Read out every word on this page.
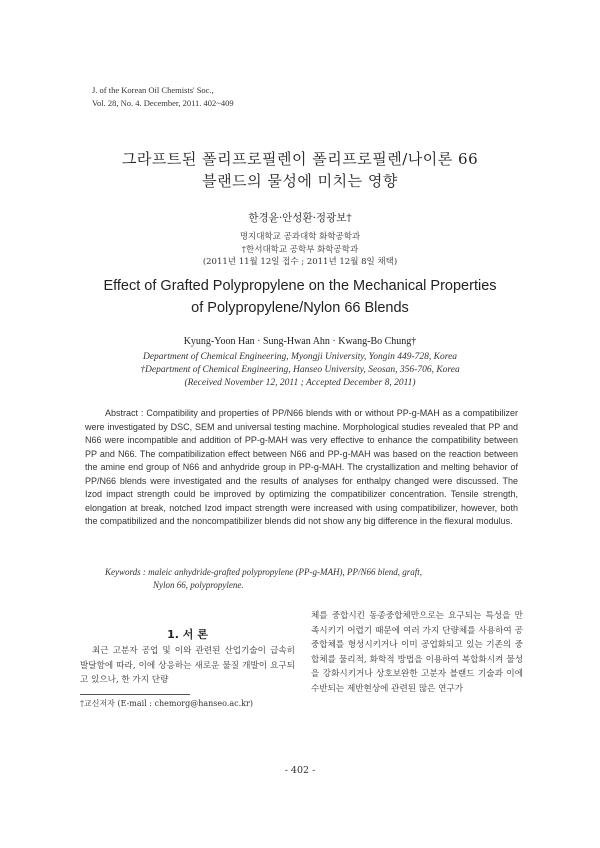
J. of the Korean Oil Chemists' Soc.,
Vol. 28, No. 4. December, 2011. 402~409
그라프트된 폴리프로필렌이 폴리프로필렌/나이론 66
블랜드의 물성에 미치는 영향
한경윤·안성환·정광보†
명지대학교 공과대학 화학공학과
†한서대학교 공학부 화학공학과
(2011년 11월 12일 접수 ; 2011년 12월 8일 채택)
Effect of Grafted Polypropylene on the Mechanical Properties
of Polypropylene/Nylon 66 Blends
Kyung-Yoon Han · Sung-Hwan Ahn · Kwang-Bo Chung†
Department of Chemical Engineering, Myongji University, Yongin 449-728, Korea
†Department of Chemical Engineering, Hanseo University, Seosan, 356-706, Korea
(Received November 12, 2011 ; Accepted December 8, 2011)
Abstract : Compatibility and properties of PP/N66 blends with or without PP-g-MAH as a compatibilizer were investigated by DSC, SEM and universal testing machine. Morphological studies revealed that PP and N66 were incompatible and addition of PP-g-MAH was very effective to enhance the compatibility between PP and N66. The compatibilization effect between N66 and PP-g-MAH was based on the reaction between the amine end group of N66 and anhydride group in PP-g-MAH. The crystallization and melting behavior of PP/N66 blends were investigated and the results of analyses for enthalpy changed were discussed. The Izod impact strength could be improved by optimizing the compatibilizer concentration. Tensile strength, elongation at break, notched Izod impact strength were increased with using compatibilizer, however, both the compatibilized and the noncompatibilizer blends did not show any big difference in the flexural modulus.
Keywords : maleic anhydride-grafted polypropylene (PP-g-MAH), PP/N66 blend, graft,
Nylon 66, polypropylene.
1. 서 론
최근 고분자 공업 및 이와 관련된 산업기술이 급속히 발달함에 따라, 이에 상응하는 새로운 물질 개발이 요구되고 있으나, 한 가지 단량
체를 중합시킨 동종중합체만으로는 요구되는 특성을 만족시키기 어렵기 때문에 여러 가지 단량체를 사용하여 공중합체를 형성시키거나 이미 공업화되고 있는 기존의 중합체를 물리적, 화학적 방법을 이용하여 복합화시켜 물성을 강화시키거나 상호보완한 고분자 블랜드 기술과 이에 수반되는 제반현상에 관련된 많은 연구가
†교신저자 (E-mail : chemorg@hanseo.ac.kr)
- 402 -
